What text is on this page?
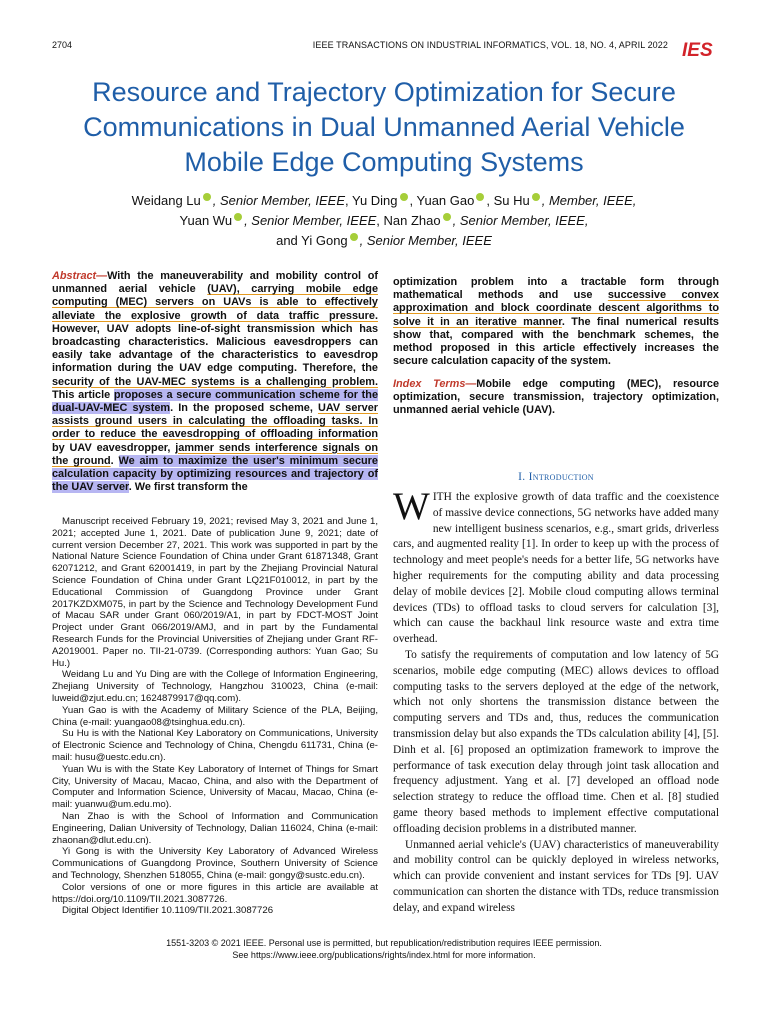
2704	IEEE TRANSACTIONS ON INDUSTRIAL INFORMATICS, VOL. 18, NO. 4, APRIL 2022 IES
Resource and Trajectory Optimization for Secure Communications in Dual Unmanned Aerial Vehicle Mobile Edge Computing Systems
Weidang Lu , Senior Member, IEEE, Yu Ding , Yuan Gao , Su Hu , Member, IEEE,
Yuan Wu , Senior Member, IEEE, Nan Zhao , Senior Member, IEEE,
and Yi Gong , Senior Member, IEEE
Abstract—With the maneuverability and mobility control of unmanned aerial vehicle (UAV), carrying mobile edge computing (MEC) servers on UAVs is able to effectively alleviate the explosive growth of data traffic pressure. However, UAV adopts line-of-sight transmission which has broadcasting characteristics. Malicious eavesdroppers can easily take advantage of the characteristics to eavesdrop information during the UAV edge computing. Therefore, the security of the UAV-MEC systems is a challenging problem. This article proposes a secure communication scheme for the dual-UAV-MEC system. In the proposed scheme, UAV server assists ground users in calculating the offloading tasks. In order to reduce the eavesdropping of offloading information by UAV eavesdropper, jammer sends interference signals on the ground. We aim to maximize the user's minimum secure calculation capacity by optimizing resources and trajectory of the UAV server. We first transform the
optimization problem into a tractable form through mathematical methods and use successive convex approximation and block coordinate descent algorithms to solve it in an iterative manner. The final numerical results show that, compared with the benchmark schemes, the method proposed in this article effectively increases the secure calculation capacity of the system.
Index Terms—Mobile edge computing (MEC), resource optimization, secure transmission, trajectory optimization, unmanned aerial vehicle (UAV).
I. Introduction

WITH the explosive growth of data traffic and the coexistence of massive device connections, 5G networks have added many new intelligent business scenarios, e.g., smart grids, driverless cars, and augmented reality [1]. In order to keep up with the process of technology and meet people's needs for a better life, 5G networks have higher requirements for the computing ability and data processing delay of mobile devices [2]. Mobile cloud computing allows terminal devices (TDs) to offload tasks to cloud servers for calculation [3], which can cause the backhaul link resource waste and extra time overhead.

To satisfy the requirements of computation and low latency of 5G scenarios, mobile edge computing (MEC) allows devices to offload computing tasks to the servers deployed at the edge of the network, which not only shortens the transmission distance between the computing servers and TDs and, thus, reduces the communication transmission delay but also expands the TDs calculation ability [4], [5]. Dinh et al. [6] proposed an optimization framework to improve the performance of task execution delay through joint task allocation and frequency adjustment. Yang et al. [7] developed an offload node selection strategy to reduce the offload time. Chen et al. [8] studied game theory based methods to implement effective computational offloading decision problems in a distributed manner.

Unmanned aerial vehicle's (UAV) characteristics of maneuverability and mobility control can be quickly deployed in wireless networks, which can provide convenient and instant services for TDs [9]. UAV communication can shorten the distance with TDs, reduce transmission delay, and expand wireless

Manuscript received February 19, 2021; revised May 3, 2021 and June 1, 2021; accepted June 1, 2021. Date of publication June 9, 2021; date of current version December 27, 2021. This work was supported in part by the National Nature Science Foundation of China under Grant 61871348, Grant 62071212, and Grant 62001419, in part by the Zhejiang Provincial Natural Science Foundation of China under Grant LQ21F010012, in part by the Educational Commission of Guangdong Province under Grant 2017KZDXM075, in part by the Science and Technology Development Fund of Macau SAR under Grant 060/2019/A1, in part by FDCT-MOST Joint Project under Grant 066/2019/AMJ, and in part by the Fundamental Research Funds for the Provincial Universities of Zhejiang under Grant RF-A2019001. Paper no. TII-21-0739. (Corresponding authors: Yuan Gao; Su Hu.)

Weidang Lu and Yu Ding are with the College of Information Engineering, Zhejiang University of Technology, Hangzhou 310023, China (e-mail: luweid@zjut.edu.cn; 1624879917@qq.com).

Yuan Gao is with the Academy of Military Science of the PLA, Beijing, China (e-mail: yuangao08@tsinghua.edu.cn).

Su Hu is with the National Key Laboratory on Communications, University of Electronic Science and Technology of China, Chengdu 611731, China (e-mail: husu@uestc.edu.cn).

Yuan Wu is with the State Key Laboratory of Internet of Things for Smart City, University of Macau, Macao, China, and also with the Department of Computer and Information Science, University of Macau, Macao, China (e-mail: yuanwu@um.edu.mo).

Nan Zhao is with the School of Information and Communication Engineering, Dalian University of Technology, Dalian 116024, China (e-mail: zhaonan@dlut.edu.cn).

Yi Gong is with the University Key Laboratory of Advanced Wireless Communications of Guangdong Province, Southern University of Science and Technology, Shenzhen 518055, China (e-mail: gongy@sustc.edu.cn).

Color versions of one or more figures in this article are available at https://doi.org/10.1109/TII.2021.3087726.

Digital Object Identifier 10.1109/TII.2021.3087726

1551-3203 © 2021 IEEE. Personal use is permitted, but republication/redistribution requires IEEE permission.
See https://www.ieee.org/publications/rights/index.html for more information.
